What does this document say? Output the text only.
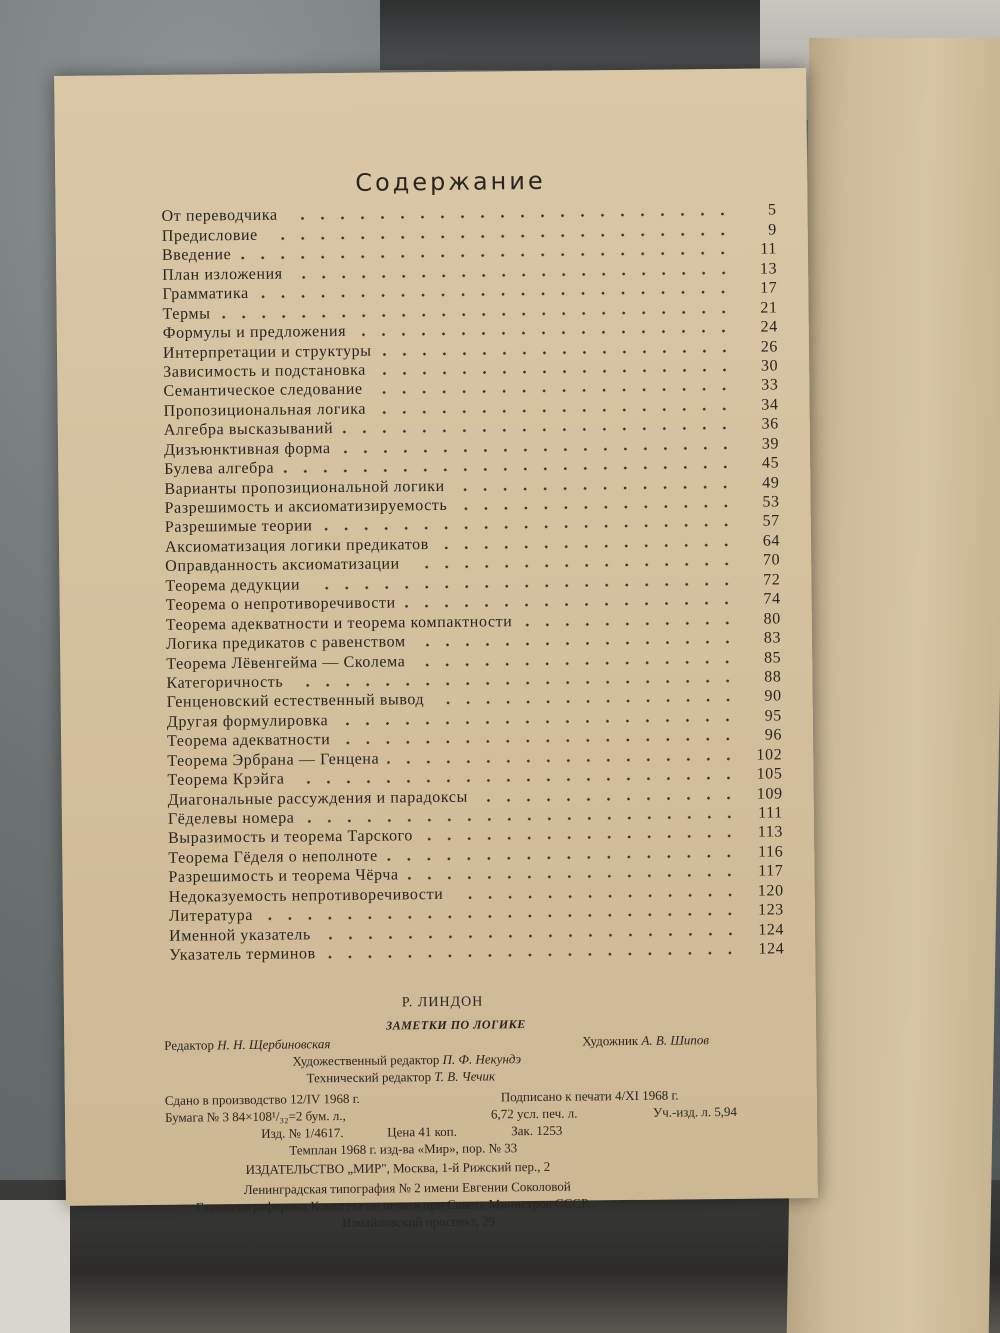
Содержание
От переводчика	5
Предисловие	9
Введение	11
План изложения	13
Грамматика	17
Термы	21
Формулы и предложения	24
Интерпретации и структуры	26
Зависимость и подстановка	30
Семантическое следование	33
Пропозициональная логика	34
Алгебра высказываний	36
Дизъюнктивная форма	39
Булева алгебра	45
Варианты пропозициональной логики	49
Разрешимость и аксиоматизируемость	53
Разрешимые теории	57
Аксиоматизация логики предикатов	64
Оправданность аксиоматизации	70
Теорема дедукции	72
Теорема о непротиворечивости	74
Теорема адекватности и теорема компактности	80
Логика предикатов с равенством	83
Теорема Лёвенгейма — Сколема	85
Категоричность	88
Генценовский естественный вывод	90
Другая формулировка	95
Теорема адекватности	96
Теорема Эрбрана — Генцена	102
Теорема Крэйга	105
Диагональные рассуждения и парадоксы	109
Гёделевы номера	111
Выразимость и теорема Тарского	113
Теорема Гёделя о неполноте	116
Разрешимость и теорема Чёрча	117
Недоказуемость непротиворечивости	120
Литература	123
Именной указатель	124
Указатель терминов	124
Р. ЛИНДОН
ЗАМЕТКИ ПО ЛОГИКЕ
Редактор Н. Н. Щербиновская	Художник А. В. Шипов
Художественный редактор П. Ф. Некундэ
Технический редактор Т. В. Чечик
Сдано в производство 12/IV 1968 г.	Подписано к печати 4/XI 1968 г.
Бумага № 3 84×108¹/₃₂=2 бум. л.,	6,72 усл. печ. л.	Уч.-изд. л. 5,94
Изд. № 1/4617.	Цена 41 коп.	Зак. 1253
Темплан 1968 г. изд-ва «Мир», пор. № 33
ИЗДАТЕЛЬСТВО „МИР", Москва, 1-й Рижский пер., 2
Ленинградская типография № 2 имени Евгении Соколовой
Главполиграфпрома Комитета по печати при Совете Министров СССР.
Измайловский проспект, 29
